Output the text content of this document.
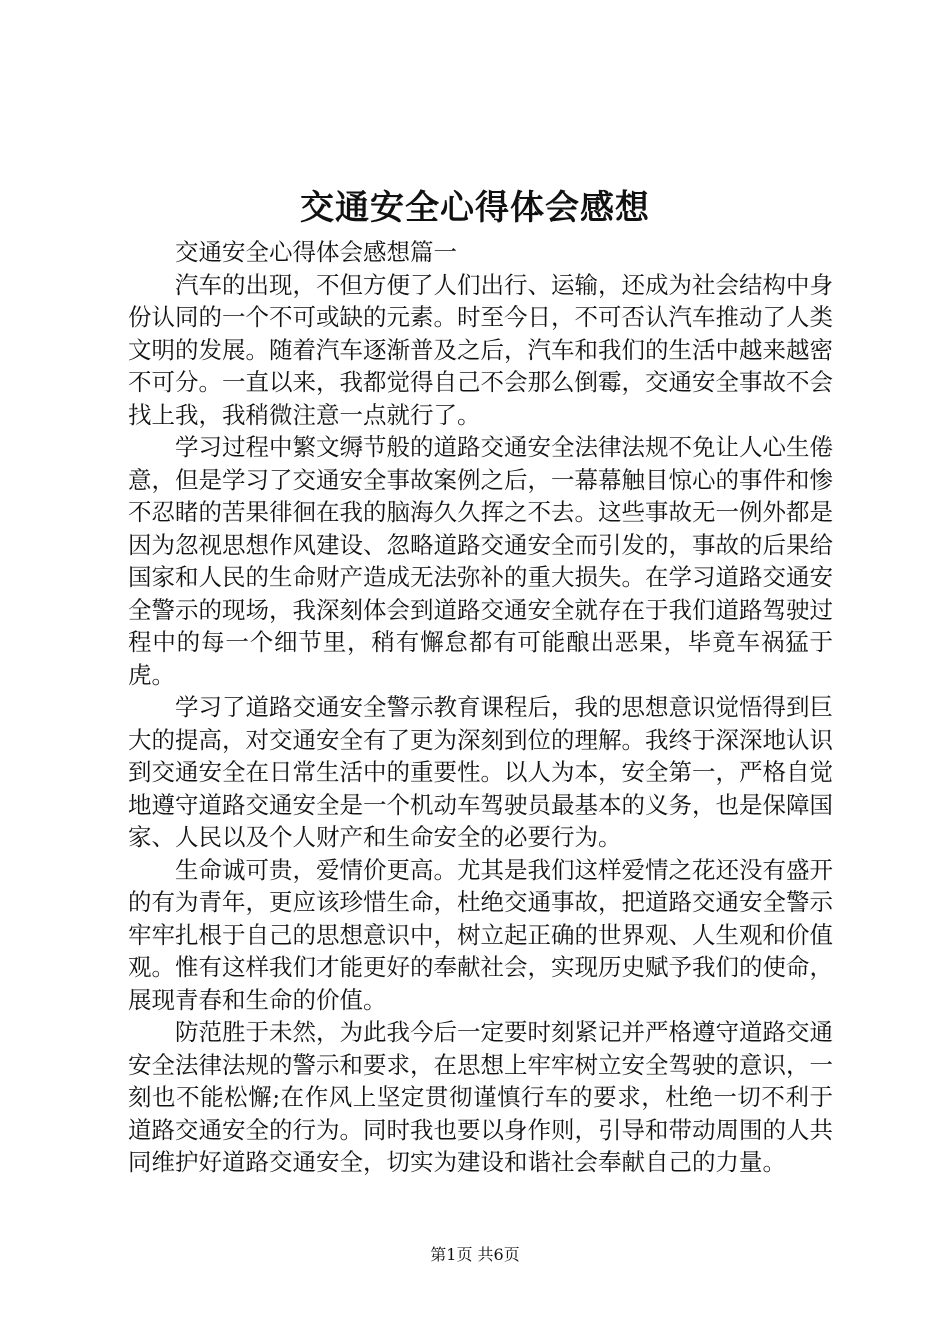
交通安全心得体会感想

交通安全心得体会感想篇一

汽车的出现，不但方便了人们出行、运输，还成为社会结构中身份认同的一个不可或缺的元素。时至今日，不可否认汽车推动了人类文明的发展。随着汽车逐渐普及之后，汽车和我们的生活中越来越密不可分。一直以来，我都觉得自己不会那么倒霉，交通安全事故不会找上我，我稍微注意一点就行了。

学习过程中繁文缛节般的道路交通安全法律法规不免让人心生倦意，但是学习了交通安全事故案例之后，一幕幕触目惊心的事件和惨不忍睹的苦果徘徊在我的脑海久久挥之不去。这些事故无一例外都是因为忽视思想作风建设、忽略道路交通安全而引发的，事故的后果给国家和人民的生命财产造成无法弥补的重大损失。在学习道路交通安全警示的现场，我深刻体会到道路交通安全就存在于我们道路驾驶过程中的每一个细节里，稍有懈怠都有可能酿出恶果，毕竟车祸猛于虎。

学习了道路交通安全警示教育课程后，我的思想意识觉悟得到巨大的提高，对交通安全有了更为深刻到位的理解。我终于深深地认识到交通安全在日常生活中的重要性。以人为本，安全第一，严格自觉地遵守道路交通安全是一个机动车驾驶员最基本的义务，也是保障国家、人民以及个人财产和生命安全的必要行为。

生命诚可贵，爱情价更高。尤其是我们这样爱情之花还没有盛开的有为青年，更应该珍惜生命，杜绝交通事故，把道路交通安全警示牢牢扎根于自己的思想意识中，树立起正确的世界观、人生观和价值观。惟有这样我们才能更好的奉献社会，实现历史赋予我们的使命，展现青春和生命的价值。

防范胜于未然，为此我今后一定要时刻紧记并严格遵守道路交通安全法律法规的警示和要求，在思想上牢牢树立安全驾驶的意识，一刻也不能松懈;在作风上坚定贯彻谨慎行车的要求，杜绝一切不利于道路交通安全的行为。同时我也要以身作则，引导和带动周围的人共同维护好道路交通安全，切实为建设和谐社会奉献自己的力量。

第1页 共6页
